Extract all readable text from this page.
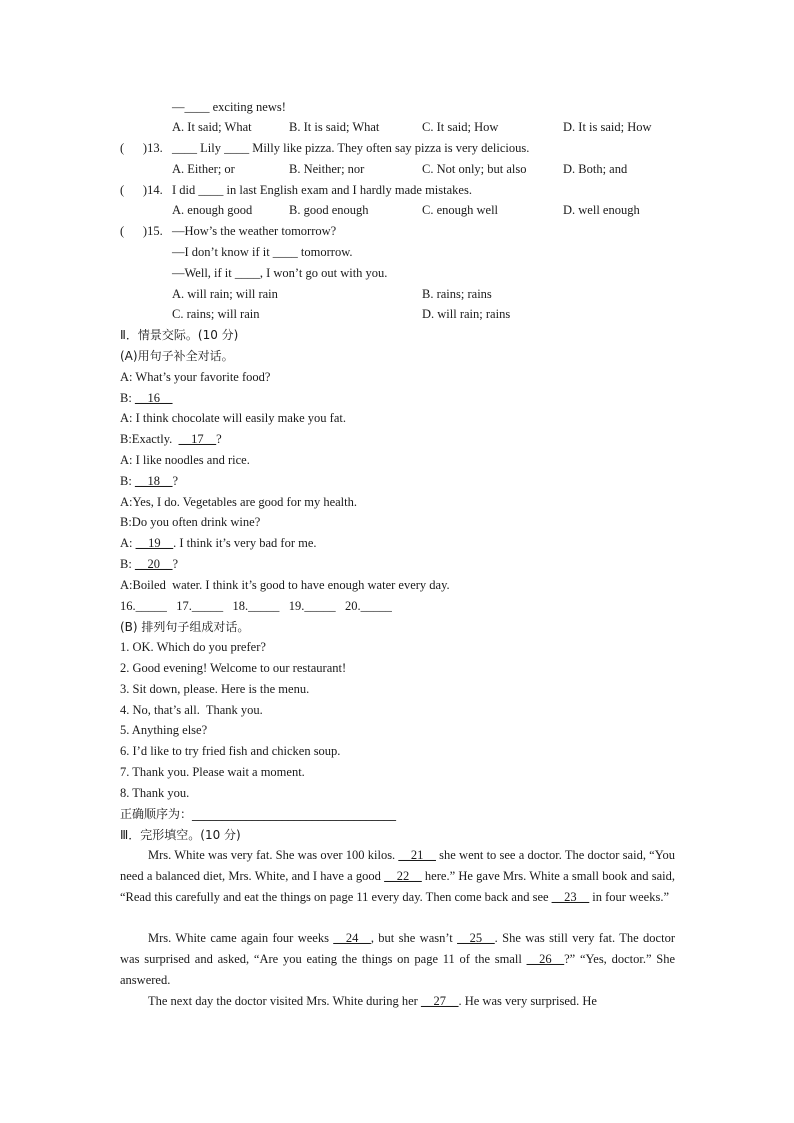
—____ exciting news!
A. It said; What	B. It is said; What	C. It said; How	D. It is said; How
(      )13. ____ Lily ____ Milly like pizza. They often say pizza is very delicious.
A. Either; or	B. Neither; nor	C. Not only; but also	D. Both; and
(      )14. I did ____ in last English exam and I hardly made mistakes.
A. enough good	B. good enough	C. enough well	D. well enough
(      )15. —How’s the weather tomorrow?
—I don’t know if it ____ tomorrow.
—Well, if it ____, I won’t go out with you.
A. will rain; will rain	B. rains; rains
C. rains; will rain	D. will rain; rains
Ⅱ．情景交际。(10 分)
(A)用句子补全对话。
A: What’s your favorite food?
B: __16__
A: I think chocolate will easily make you fat.
B:Exactly.  __17__?
A: I like noodles and rice.
B: __18__?
A:Yes, I do. Vegetables are good for my health.
B:Do you often drink wine?
A: __19__. I think it’s very bad for me.
B: __20__?
A:Boiled  water. I think it’s good to have enough water every day.
16._____   17._____   18._____   19._____   20._____
(B) 排列句子组成对话。
1. OK. Which do you prefer?
2. Good evening! Welcome to our restaurant!
3. Sit down, please. Here is the menu.
4. No, that’s all.  Thank you.
5. Anything else?
6. I’d like to try fried fish and chicken soup.
7. Thank you. Please wait a moment.
8. Thank you.
正确顺序为：__________________________________
Ⅲ．完形填空。(10 分)
Mrs. White was very fat. She was over 100 kilos. __21__ she went to see a doctor. The doctor said, “You need a balanced diet, Mrs. White, and I have a good __22__ here.” He gave Mrs. White a small book and said, “Read this carefully and eat the things on page 11 every day. Then come back and see __23__ in four weeks.”
Mrs. White came again four weeks __24__, but she wasn’t __25__. She was still very fat. The doctor was surprised and asked, “Are you eating the things on page 11 of the small __26__?” “Yes, doctor.” She answered.
The next day the doctor visited Mrs. White during her __27__. He was very surprised. He
